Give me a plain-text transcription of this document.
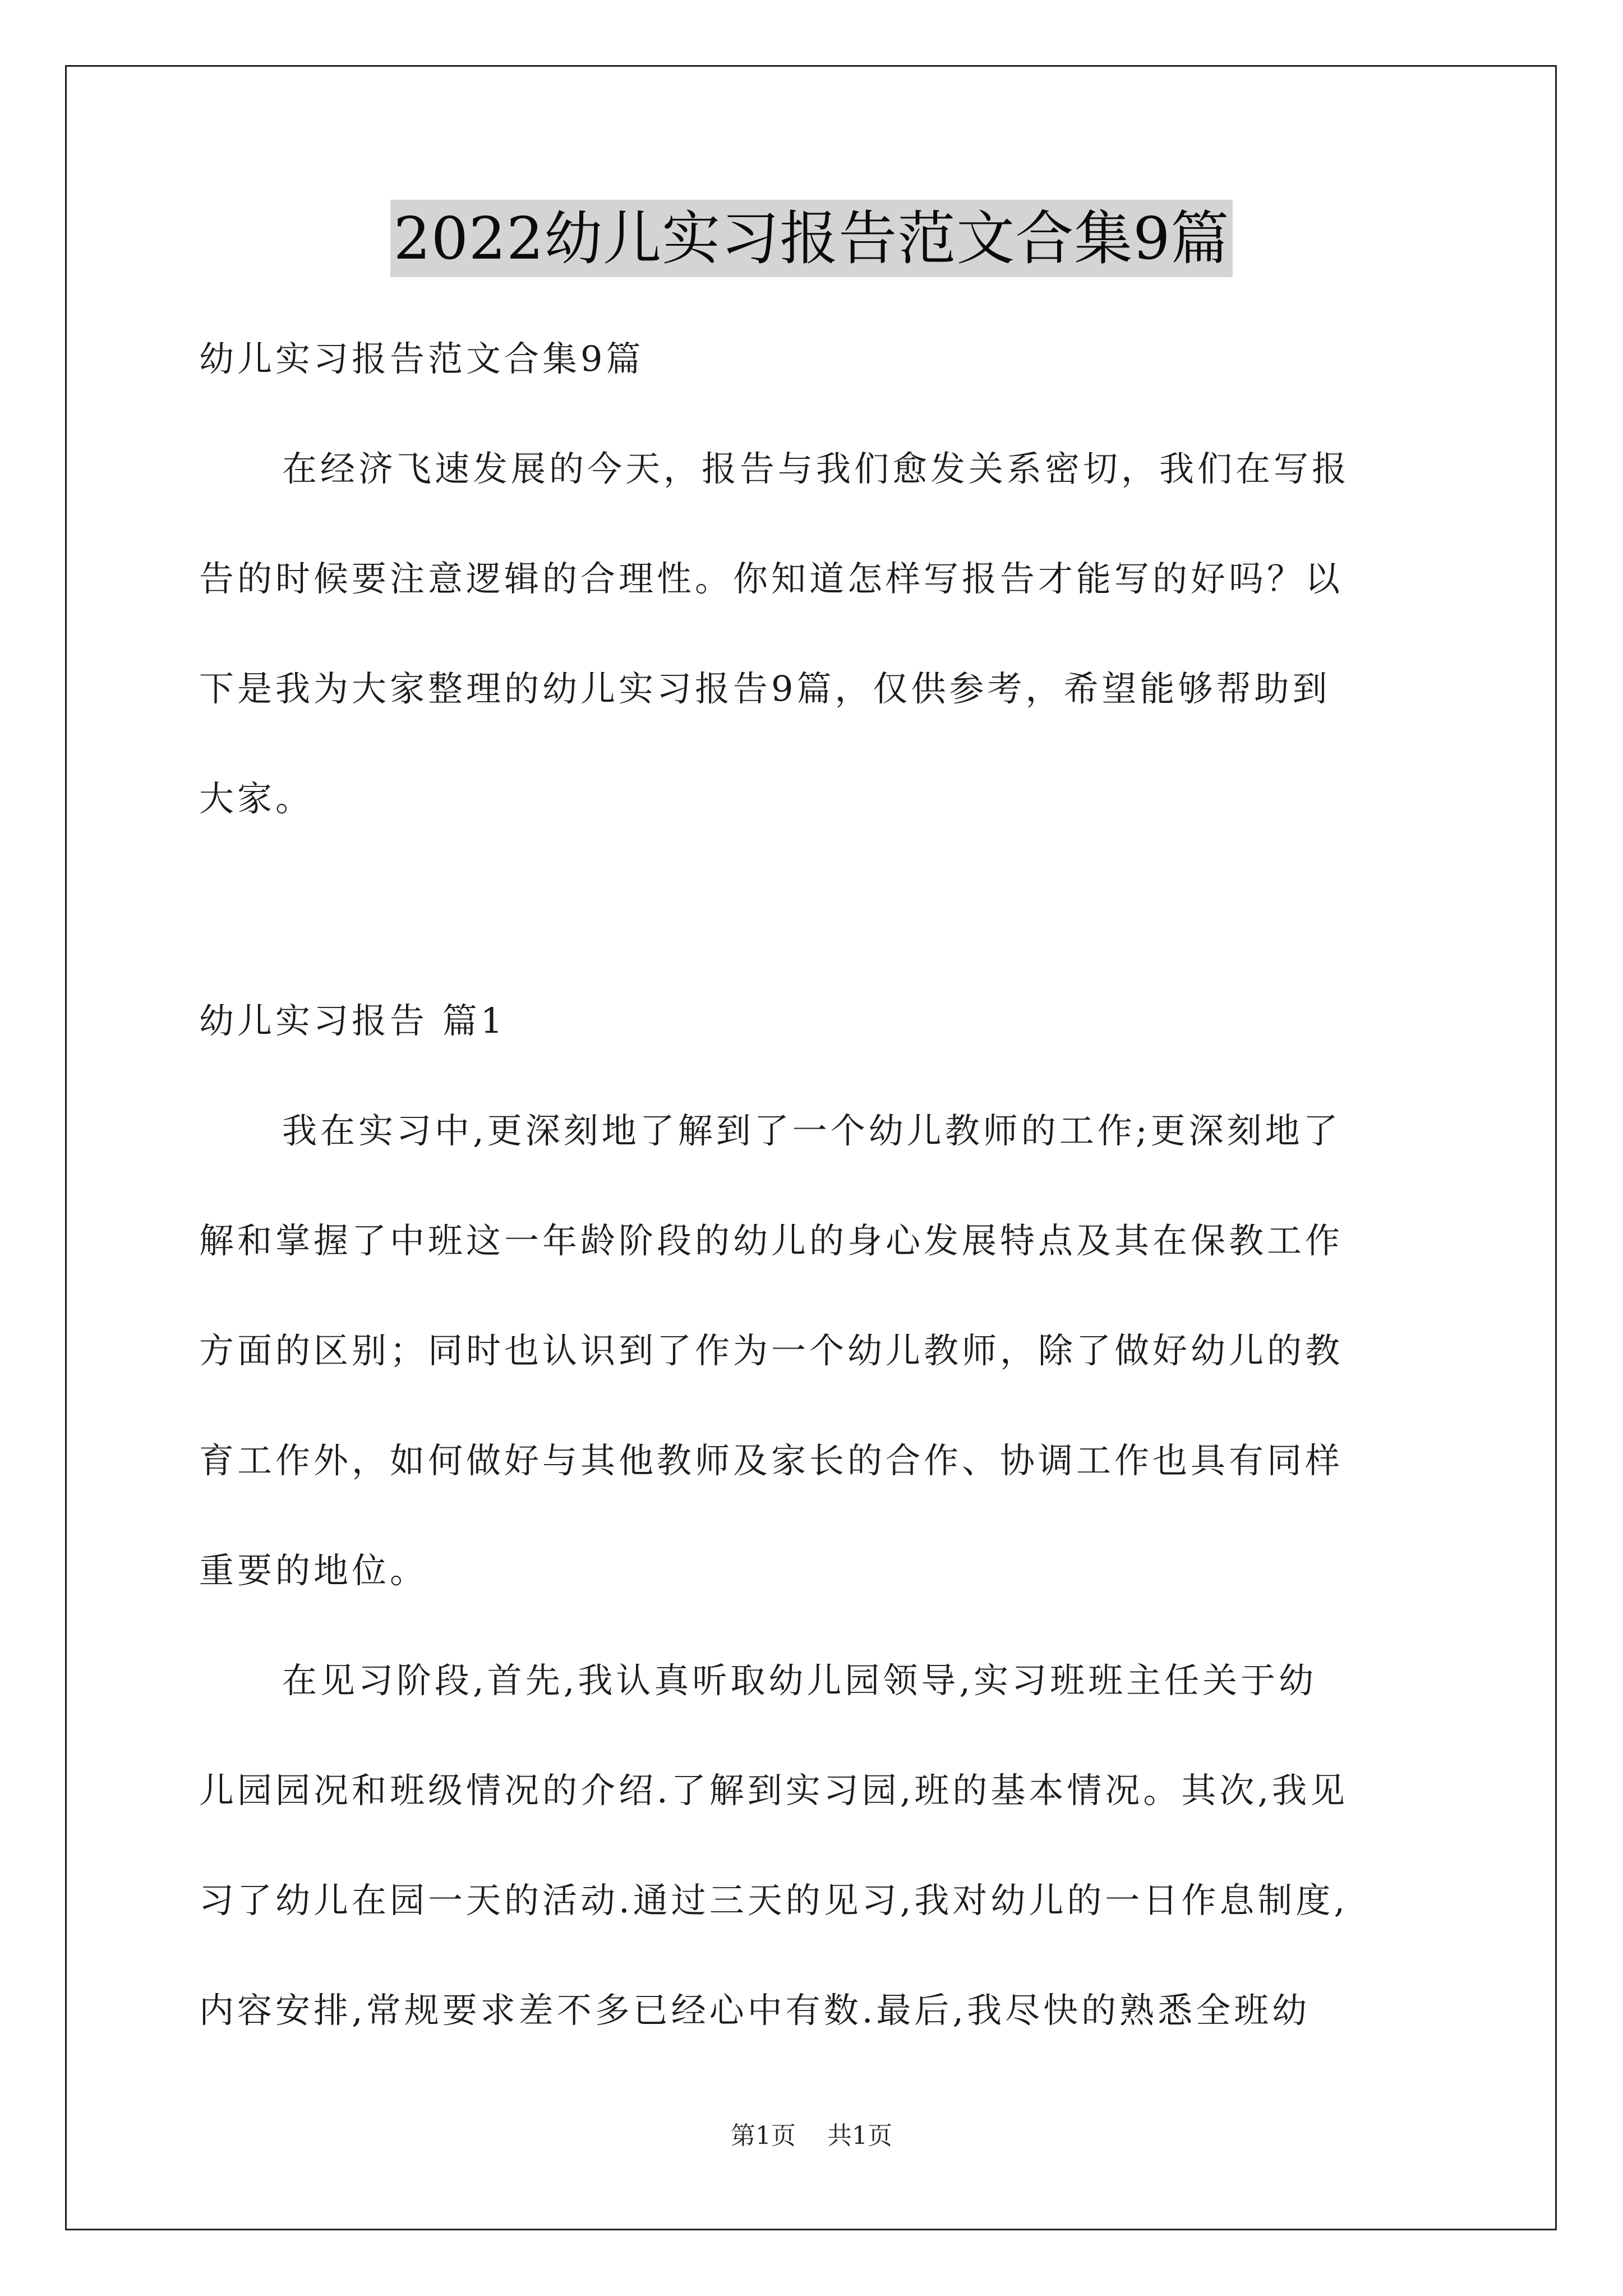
2022幼儿实习报告范文合集9篇
幼儿实习报告范文合集9篇
在经济飞速发展的今天，报告与我们愈发关系密切，我们在写报
告的时候要注意逻辑的合理性。你知道怎样写报告才能写的好吗？以
下是我为大家整理的幼儿实习报告9篇，仅供参考，希望能够帮助到
大家。
幼儿实习报告 篇1
我在实习中,更深刻地了解到了一个幼儿教师的工作;更深刻地了
解和掌握了中班这一年龄阶段的幼儿的身心发展特点及其在保教工作
方面的区别；同时也认识到了作为一个幼儿教师，除了做好幼儿的教
育工作外，如何做好与其他教师及家长的合作、协调工作也具有同样
重要的地位。
在见习阶段,首先,我认真听取幼儿园领导,实习班班主任关于幼
儿园园况和班级情况的介绍.了解到实习园,班的基本情况。其次,我见
习了幼儿在园一天的活动.通过三天的见习,我对幼儿的一日作息制度,
内容安排,常规要求差不多已经心中有数.最后,我尽快的熟悉全班幼
第1页 共1页
